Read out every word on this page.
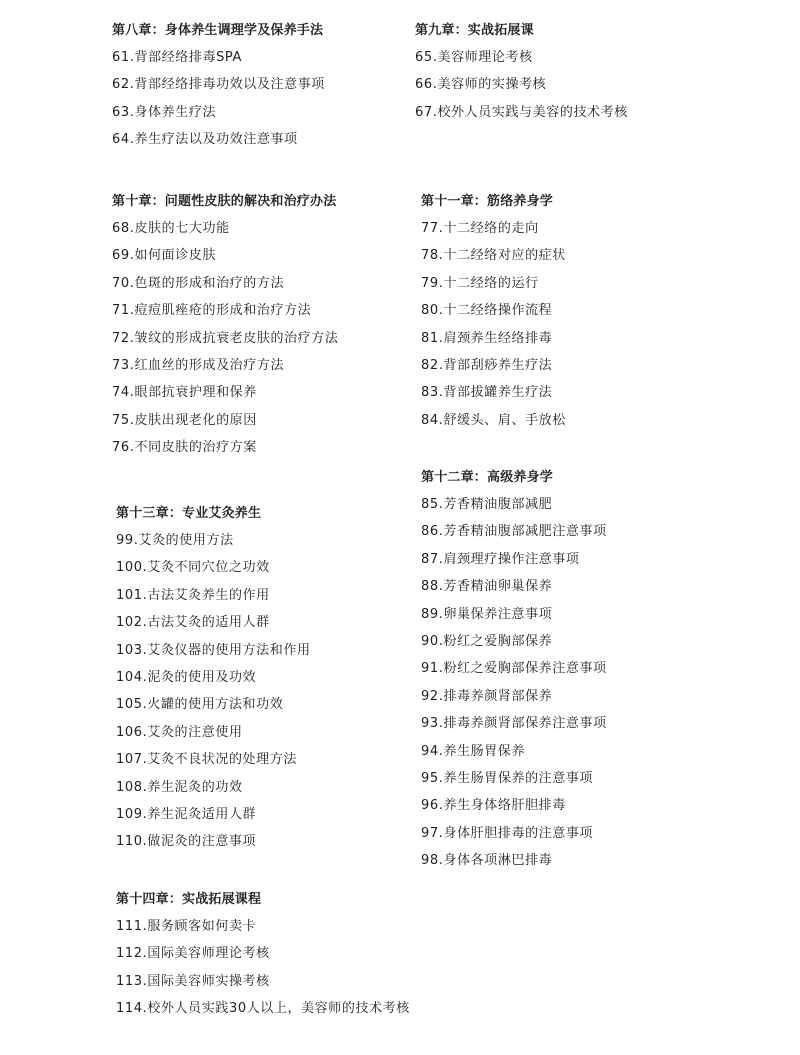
第八章：身体养生调理学及保养手法
61.背部经络排毒SPA
62.背部经络排毒功效以及注意事项
63.身体养生疗法
64.养生疗法以及功效注意事项
第九章：实战拓展课
65.美容师理论考核
66.美容师的实操考核
67.校外人员实践与美容的技术考核
第十章：问题性皮肤的解决和治疗办法
68.皮肤的七大功能
69.如何面诊皮肤
70.色斑的形成和治疗的方法
71.痘痘肌痤疮的形成和治疗方法
72.皱纹的形成抗衰老皮肤的治疗方法
73.红血丝的形成及治疗方法
74.眼部抗衰护理和保养
75.皮肤出现老化的原因
76.不同皮肤的治疗方案
第十一章：筋络养身学
77.十二经络的走向
78.十二经络对应的症状
79.十二经络的运行
80.十二经络操作流程
81.肩颈养生经络排毒
82.背部刮痧养生疗法
83.背部拔罐养生疗法
84.舒缓头、肩、手放松
第十二章：高级养身学
85.芳香精油腹部减肥
86.芳香精油腹部减肥注意事项
87.肩颈理疗操作注意事项
88.芳香精油卵巢保养
89.卵巢保养注意事项
90.粉红之爱胸部保养
91.粉红之爱胸部保养注意事项
92.排毒养颜肾部保养
93.排毒养颜肾部保养注意事项
94.养生肠胃保养
95.养生肠胃保养的注意事项
96.养生身体络肝胆排毒
97.身体肝胆排毒的注意事项
98.身体各项淋巴排毒
第十三章：专业艾灸养生
99.艾灸的使用方法
100.艾灸不同穴位之功效
101.古法艾灸养生的作用
102.古法艾灸的适用人群
103.艾灸仪器的使用方法和作用
104.泥灸的使用及功效
105.火罐的使用方法和功效
106.艾灸的注意使用
107.艾灸不良状况的处理方法
108.养生泥灸的功效
109.养生泥灸适用人群
110.做泥灸的注意事项
第十四章：实战拓展课程
111.服务顾客如何卖卡
112.国际美容师理论考核
113.国际美容师实操考核
114.校外人员实践30人以上，美容师的技术考核
